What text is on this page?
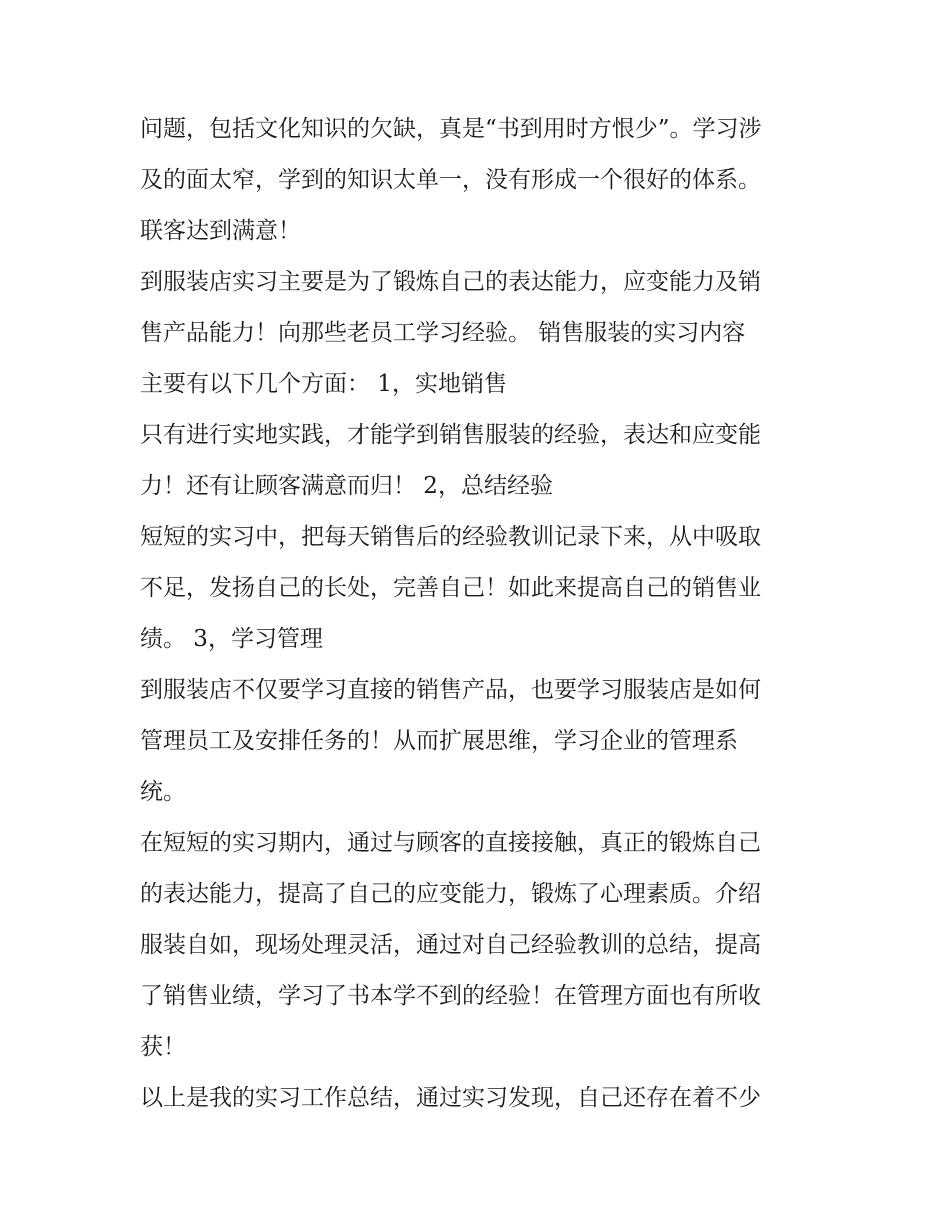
问题，包括文化知识的欠缺，真是“书到用时方恨少”。学习涉
及的面太窄，学到的知识太单一，没有形成一个很好的体系。
联客达到满意！
到服装店实习主要是为了锻炼自己的表达能力，应变能力及销
售产品能力！向那些老员工学习经验。 销售服装的实习内容
主要有以下几个方面： 1，实地销售
只有进行实地实践，才能学到销售服装的经验，表达和应变能
力！还有让顾客满意而归！ 2，总结经验
短短的实习中，把每天销售后的经验教训记录下来，从中吸取
不足，发扬自己的长处，完善自己！如此来提高自己的销售业
绩。 3，学习管理
到服装店不仅要学习直接的销售产品，也要学习服装店是如何
管理员工及安排任务的！从而扩展思维，学习企业的管理系
统。
在短短的实习期内，通过与顾客的直接接触，真正的锻炼自己
的表达能力，提高了自己的应变能力，锻炼了心理素质。介绍
服装自如，现场处理灵活，通过对自己经验教训的总结，提高
了销售业绩，学习了书本学不到的经验！在管理方面也有所收
获！
以上是我的实习工作总结，通过实习发现，自己还存在着不少
